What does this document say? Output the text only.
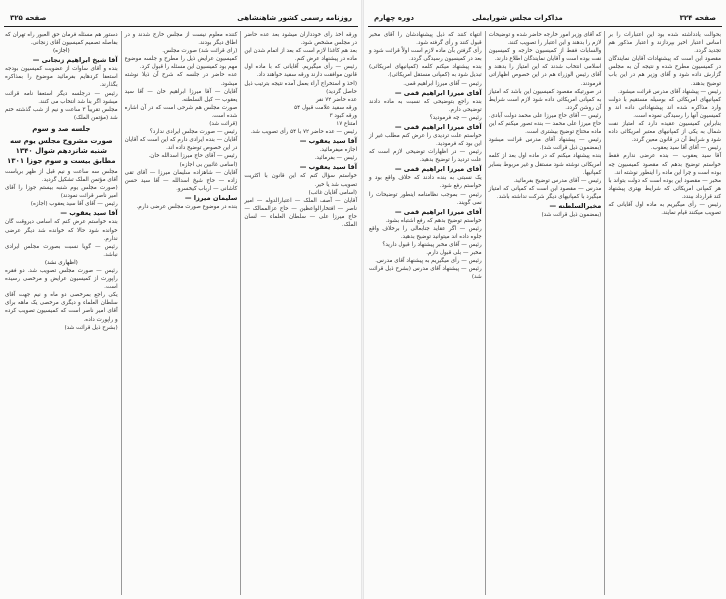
صفحه ۳۲۴
مذاکرات مجلس شورایملی
دوره چهارم

بحوالت یادداشته شده بود این اعتبارات را بر اساس اعتبار اخیر بپردازند و اعتبار مذکور هم تجدید گردد.

مقصود این است که پیشنهادات آقایان نمایندگان در کمیسیون مطرح شده و نتیجه آن به مجلس گزارش داده شود و آقای وزیر هم در این باب توضیح بدهند.

رئیس — پیشنهاد آقای مدرس قرائت میشود.

کمپانیهای امریکائی که بوسیله مستقیم با دولت وارد مذاکره شده اند پیشنهاداتی داده اند و کمیسیون آنها را رسیدگی نموده است.

بنابراین کمیسیون عقیده دارد که امتیاز نفت شمال به یکی از کمپانیهای معتبر امریکائی داده شود و شرایط آن در قانون معین گردد.

رئیس — آقای آقا سید یعقوب.

آقا سید یعقوب — بنده عرضی ندارم فقط خواستم توضیح بدهم که مقصود کمیسیون چه بوده است و چرا این ماده را اینطور نوشته اند.

مخبر — مقصود این بوده است که دولت بتواند با هر کمپانی امریکائی که شرایط بهتری پیشنهاد کند قرارداد ببندد.

رئیس — رأی میگیریم به ماده اول آقایانی که تصویب میکنند قیام نمایند.

که آقای وزیر امور خارجه حاضر شده و توضیحات لازم را بدهند و این اعتبار را تصویب کنند.

والسابات فقط از کمیسیون خارجه و کمیسیون نفت بوده است و آقایان نمایندگان اطلاع دارند.

اسلامی انتخاب شدند که این امتیاز را بدهند و آقای رئیس الوزراء هم در این خصوص اظهاراتی فرمودند.

در صورتیکه مقصود کمیسیون این باشد که امتیاز به کمپانی امریکائی داده شود لازم است شرایط آن روشن گردد.

رئیس — آقای حاج میرزا علی محمد دولت آبادی.

حاج میرزا علی محمد — بنده تصور میکنم که این ماده محتاج توضیح بیشتری است.

رئیس — پیشنهاد آقای مدرس قرائت میشود (بمضمون ذیل قرائت شد).

بنده پیشنهاد میکنم که در ماده اول بعد از کلمه امریکائی نوشته شود مستقل و غیر مربوط بسایر کمپانیها.

رئیس — آقای مدرس توضیح بفرمائید.

مدرس — مقصود این است که کمپانی که امتیاز میگیرد با کمپانیهای دیگر شرکت نداشته باشد.

مخبرالسلطنه —

(بمضمون ذیل قرائت شد)

انتهاء کنند که ذیل پیشنهادشان را آقای مخبر قبول کنند و رأی گرفته شود.

رأی گرفتن بآن ماده لازم است اولاً قرائت شود و بعد در کمیسیون رسیدگی گردد.

بنده پیشنهاد میکنم کلمه (کمپانیهای امریکائی) تبدیل شود به (کمپانی مستقل امریکائی).

رئیس — آقای میرزا ابراهیم قمی.

آقای میرزا ابراهیم قمی —

بنده راجع بتوضیحی که نسبت به ماده دادند توضیحی دارم.

رئیس — چه فرمودید؟

آقای میرزا ابراهیم قمی —

خواستم علت تردیدی را عرض کنم مطلب غیر از این بود که فرمودید.

رئیس — در اظهارات توضیحی لازم است که علت تردید را توضیح بدهید.

آقای میرزا ابراهیم قمی —

یک نسبتی به بنده دادند که خلاف واقع بود و خواستم رفع شود.

رئیس — بموجب نظامنامه اینطور توضیحات را نمی گویند.

آقای میرزا ابراهیم قمی —

خواستم توضیح بدهم که رفع اشتباه بشود.

رئیس — اگر عقاید جنابعالی را برخلاف واقع جلوه داده اند میتوانید توضیح بدهید.

رئیس — آقای مخبر پیشنهاد را قبول دارید؟

مخبر — بلی قبول دارم.

رئیس — رأی میگیریم به پیشنهاد آقای مدرس.

رئیس — پیشنهاد آقای مدرس (بشرح ذیل قرائت شد)

روزنامه رسمی کشور شاهنشاهی
صفحه ۳۲۵

ورقه اخذ رأی خودداران میشود بعد عده حاضر در مجلس مشخص شود.

بعد هم کاغذا لازم است که بعد از اتمام شدن این ماده در پیشنهاد عرض کنم.

رئیس — رأی میگیریم. آقایانی که با ماده اول قانون موافقت دارند ورقه سفید خواهند داد.

(اخذ و استخراج آراء بعمل آمده نتیجه بترتیب ذیل حاصل گردید)

عده حاضر ۷۲ نفر

ورقه سفید علامت قبول ۵۴

ورقه کبود ۳

امتناع ۱۷

رئیس — عده حاضر ۷۲ با ۵۴ رأی تصویب شد.

آقا سید یعقوب —

اجازه میفرمائید.

رئیس — بفرمائید.

آقا سید یعقوب —

خواستم سؤال کنم که این قانون با اکثریت تصویب شد یا خیر.

(اسامی آقایان غائب)

آقایان — آصف الملک — اعتبارالدوله — امیر ناصر — افتخارالواعظین — حاج عزالممالک — حاج میرزا علی — سلطان العلماء — لسان الملک.

کننده معلوم نیست از مجلس خارج شدند و در اطاق دیگر بودند.

(رای قرائت شد) صورت مجلس.

کمیسیون عرایض ذیل را مطرح و جلسه موضوع مهم بود کمیسیون این مسئله را قبول کرد.

عده حاضر در جلسه که شرح آن ذیلا نوشته میشود.

آقایان — آقا میرزا ابراهیم خان — آقا سید یعقوب — کیل السلطنه.

صورت مجلس هم شرحی است که در آن اشاره شده است.

(قرائت شد)

رئیس — صورت مجلس ایرادی ندارد؟

آقایان — بنده ایرادی دارم که این است که آقایان در این خصوص توضیح داده اند.

رئیس — آقای حاج میرزا اسدالله خان.

(اسامی غائبین بی اجازه)

آقایان — شاهزاده سلیمان میرزا — آقای تقی زاده — حاج شیخ اسدالله — آقا سید حسن کاشانی — ارباب کیخسرو.

سلیمان میرزا —

بنده در موضوع صورت مجلس عرضی دارم.

دستور هم مسئله فرمان حق العبور راه تهران که بفاصله تصمیم کمیسیون آقای زنجانی.

(اجازه)

آقا شیخ ابراهیم زنجانی —

بنده و آقای ساوات از عضویت کمیسیون بودجه استعفا کردهایم بفرمائید موضوع را بمذاکره بگذارند.

رئیس — درجلسه دیگر استعفا نامه قرائت میشود اگر بنا شد انتخاب می کنند.

مجلس تقریباً ۳ ساعت و نیم از شب گذشته ختم شد (مؤتمن الملک)

جلسه صد و سوم

صورت مشروح مجلس یوم سه شنبه شانزدهم شوال ۱۳۴۰ مطابق بیست و سوم جوزا ۱۳۰۱

مجلس سه ساعت و نیم قبل از ظهر بریاست آقای مؤتمن الملک تشکیل گردید.

(صورت مجلس یوم شنبه بیستم جوزا را آقای امیر ناصر قرائت نمودند)

رئیس — آقای آقا سید یعقوب (اجازه)

آقا سید یعقوب —

بنده خواستم عرض کنم که اسامی دیروقت گان خوانده شود حالا که خوانده شد دیگر عرضی ندارم.

رئیس — گویا نسبت بصورت مجلس ایرادی نباشد.

(اظهاری نشد)

رئیس — صورت مجلس تصویب شد. دو فقره راپورت از کمیسیون عرایض و مرخصی رسیده است.

یکی راجع بمرخصی دو ماه و نیم جهت آقای سلطان العلماء و دیگری مرخصی یک ماهه برای آقای امیر ناصر است که کمیسیون تصویب کرده و راپورت داده.

(بشرح ذیل قرائت شد)
